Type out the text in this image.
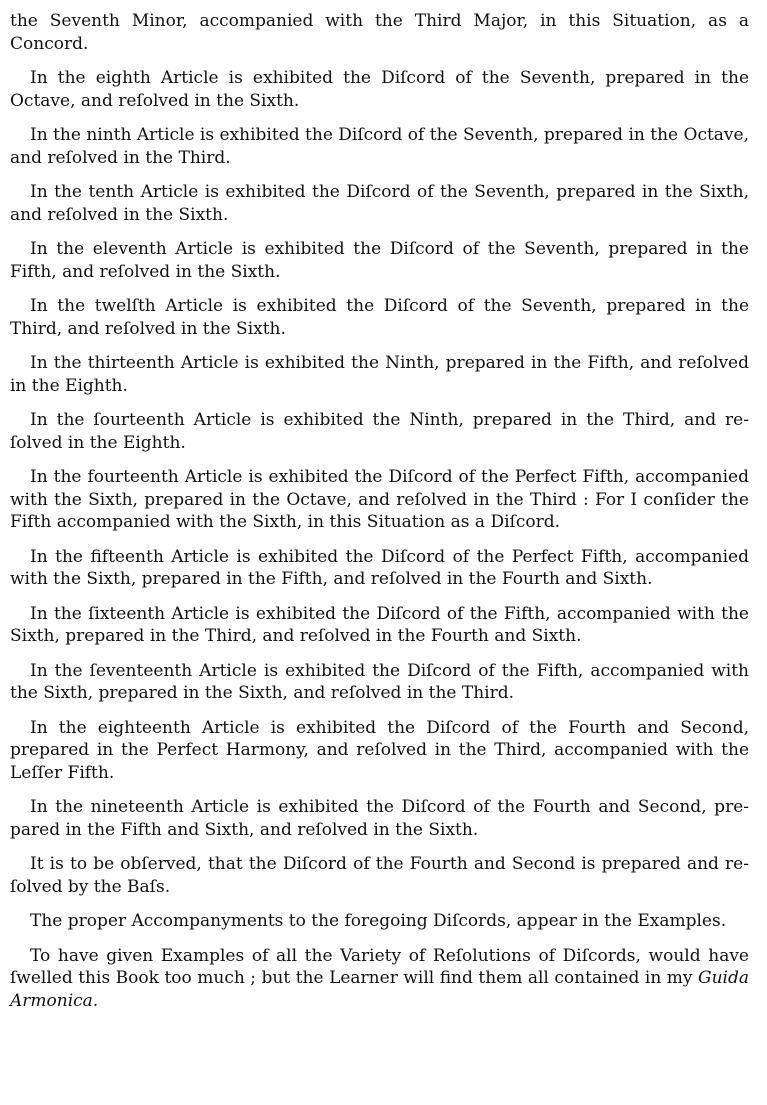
the Seventh Minor, accompanied with the Third Major, in this Situation, as a Concord.

In the eighth Article is exhibited the Diſcord of the Seventh, prepared in the Octave, and reſolved in the Sixth.

In the ninth Article is exhibited the Diſcord of the Seventh, prepared in the Octave, and reſolved in the Third.

In the tenth Article is exhibited the Diſcord of the Seventh, prepared in the Sixth, and reſolved in the Sixth.

In the eleventh Article is exhibited the Diſcord of the Seventh, prepared in the Fifth, and reſolved in the Sixth.

In the twelſth Article is exhibited the Diſcord of the Seventh, prepared in the Third, and reſolved in the Sixth.

In the thirteenth Article is exhibited the Ninth, prepared in the Fifth, and reſolved in the Eighth.

In the ſourteenth Article is exhibited the Ninth, prepared in the Third, and re-ſolved in the Eighth.

In the fourteenth Article is exhibited the Diſcord of the Perfect Fifth, accompanied with the Sixth, prepared in the Octave, and reſolved in the Third : For I conſider the Fifth accompanied with the Sixth, in this Situation as a Diſcord.

In the fifteenth Article is exhibited the Diſcord of the Perfect Fifth, accompanied with the Sixth, prepared in the Fifth, and reſolved in the Fourth and Sixth.

In the ſixteenth Article is exhibited the Diſcord of the Fifth, accompanied with the Sixth, prepared in the Third, and reſolved in the Fourth and Sixth.

In the ſeventeenth Article is exhibited the Diſcord of the Fifth, accompanied with the Sixth, prepared in the Sixth, and reſolved in the Third.

In the eighteenth Article is exhibited the Diſcord of the Fourth and Second, prepared in the Perfect Harmony, and reſolved in the Third, accompanied with the Leſſer Fifth.

In the nineteenth Article is exhibited the Diſcord of the Fourth and Second, pre-pared in the Fifth and Sixth, and reſolved in the Sixth.

It is to be obſerved, that the Diſcord of the Fourth and Second is prepared and re-ſolved by the Baſs.

The proper Accompanyments to the foregoing Diſcords, appear in the Examples.

To have given Examples of all the Variety of Reſolutions of Diſcords, would have ſwelled this Book too much ; but the Learner will find them all contained in my Guida Armonica.
